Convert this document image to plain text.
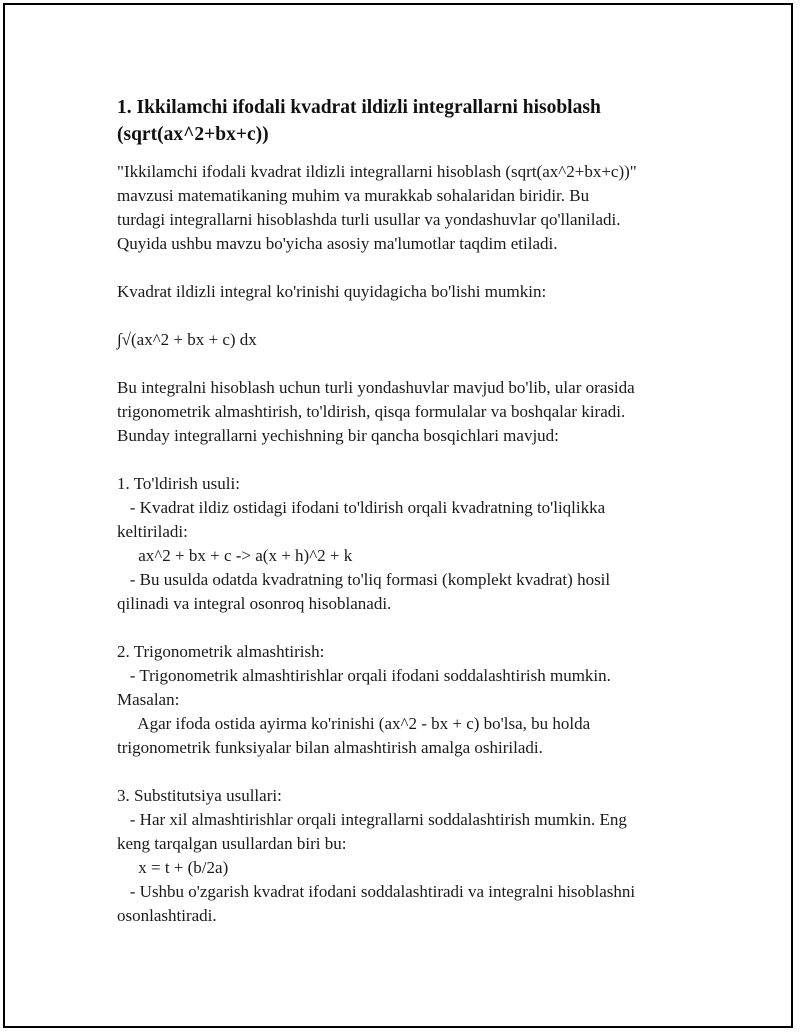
1. Ikkilamchi ifodali kvadrat ildizli integrallarni hisoblash
(sqrt(ax^2+bx+c))
"Ikkilamchi ifodali kvadrat ildizli integrallarni hisoblash (sqrt(ax^2+bx+c))"
mavzusi matematikaning muhim va murakkab sohalaridan biridir. Bu
turdagi integrallarni hisoblashda turli usullar va yondashuvlar qo'llaniladi.
Quyida ushbu mavzu bo'yicha asosiy ma'lumotlar taqdim etiladi.
Kvadrat ildizli integral ko'rinishi quyidagicha bo'lishi mumkin:
∫√(ax^2 + bx + c) dx
Bu integralni hisoblash uchun turli yondashuvlar mavjud bo'lib, ular orasida
trigonometrik almashtirish, to'ldirish, qisqa formulalar va boshqalar kiradi.
Bunday integrallarni yechishning bir qancha bosqichlari mavjud:
1. To'ldirish usuli:
- Kvadrat ildiz ostidagi ifodani to'ldirish orqali kvadratning to'liqlikka
keltiriladi:
ax^2 + bx + c -> a(x + h)^2 + k
- Bu usulda odatda kvadratning to'liq formasi (komplekt kvadrat) hosil
qilinadi va integral osonroq hisoblanadi.
2. Trigonometrik almashtirish:
- Trigonometrik almashtirishlar orqali ifodani soddalashtirish mumkin.
Masalan:
Agar ifoda ostida ayirma ko'rinishi (ax^2 - bx + c) bo'lsa, bu holda
trigonometrik funksiyalar bilan almashtirish amalga oshiriladi.
3. Substitutsiya usullari:
- Har xil almashtirishlar orqali integrallarni soddalashtirish mumkin. Eng
keng tarqalgan usullardan biri bu:
x = t + (b/2a)
- Ushbu o'zgarish kvadrat ifodani soddalashtiradi va integralni hisoblashni
osonlashtiradi.
